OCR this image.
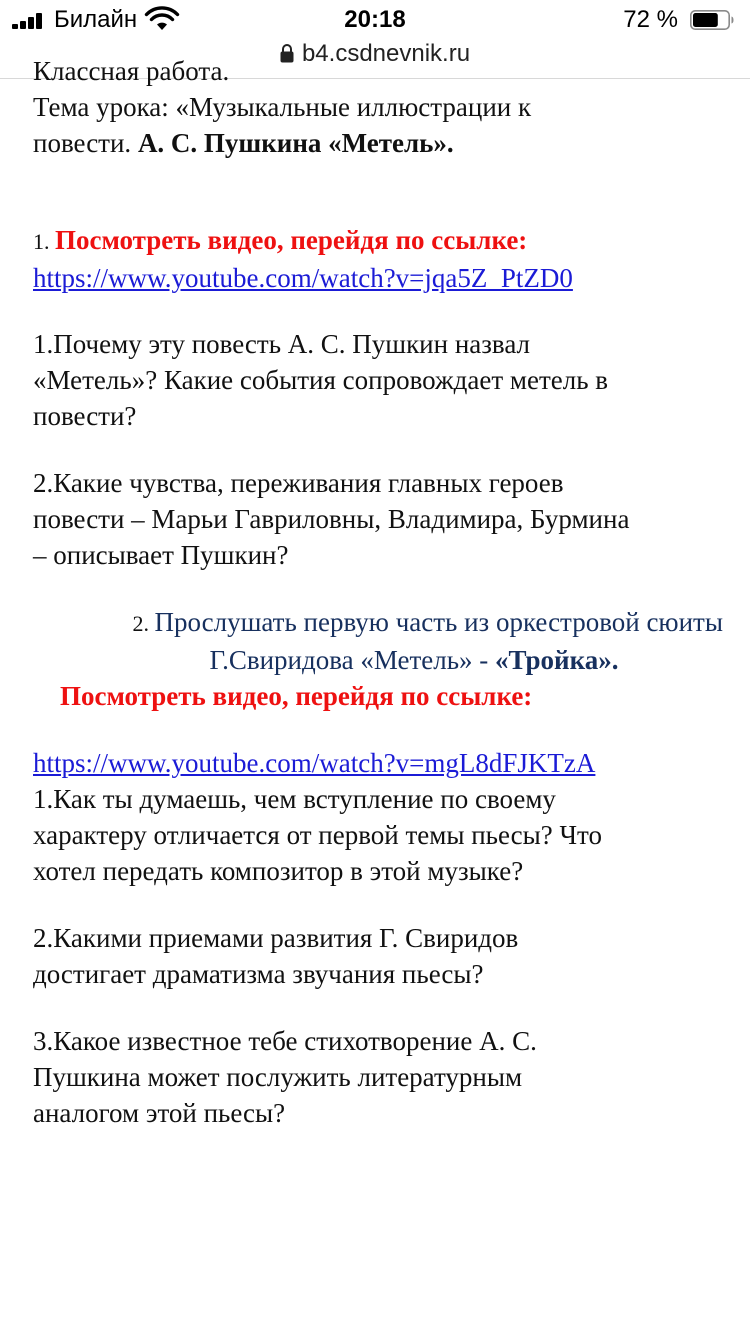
Билайн	20:18	72 %
b4.csdnevnik.ru

Классная работа.

Тема урока: «Музыкальные иллюстрации к

повести. А. С. Пушкина «Метель».

1. Посмотреть видео, перейдя по ссылке:

https://www.youtube.com/watch?v=jqa5Z_PtZD0

1.Почему эту повесть А. С. Пушкин назвал
«Метель»? Какие события сопровождает метель в
повести?

2.Какие чувства, переживания главных героев
повести – Марьи Гавриловны, Владимира, Бурмина
– описывает Пушкин?

2. Прослушать первую часть из оркестровой сюиты

Г.Свиридова «Метель» - «Тройка».

Посмотреть видео, перейдя по ссылке:

https://www.youtube.com/watch?v=mgL8dFJKTzA

1.Как ты думаешь, чем вступление по своему
характеру отличается от первой темы пьесы? Что
хотел передать композитор в этой музыке?

2.Какими приемами развития Г. Свиридов
достигает драматизма звучания пьесы?

3.Какое известное тебе стихотворение А. С.
Пушкина может послужить литературным
аналогом этой пьесы?
